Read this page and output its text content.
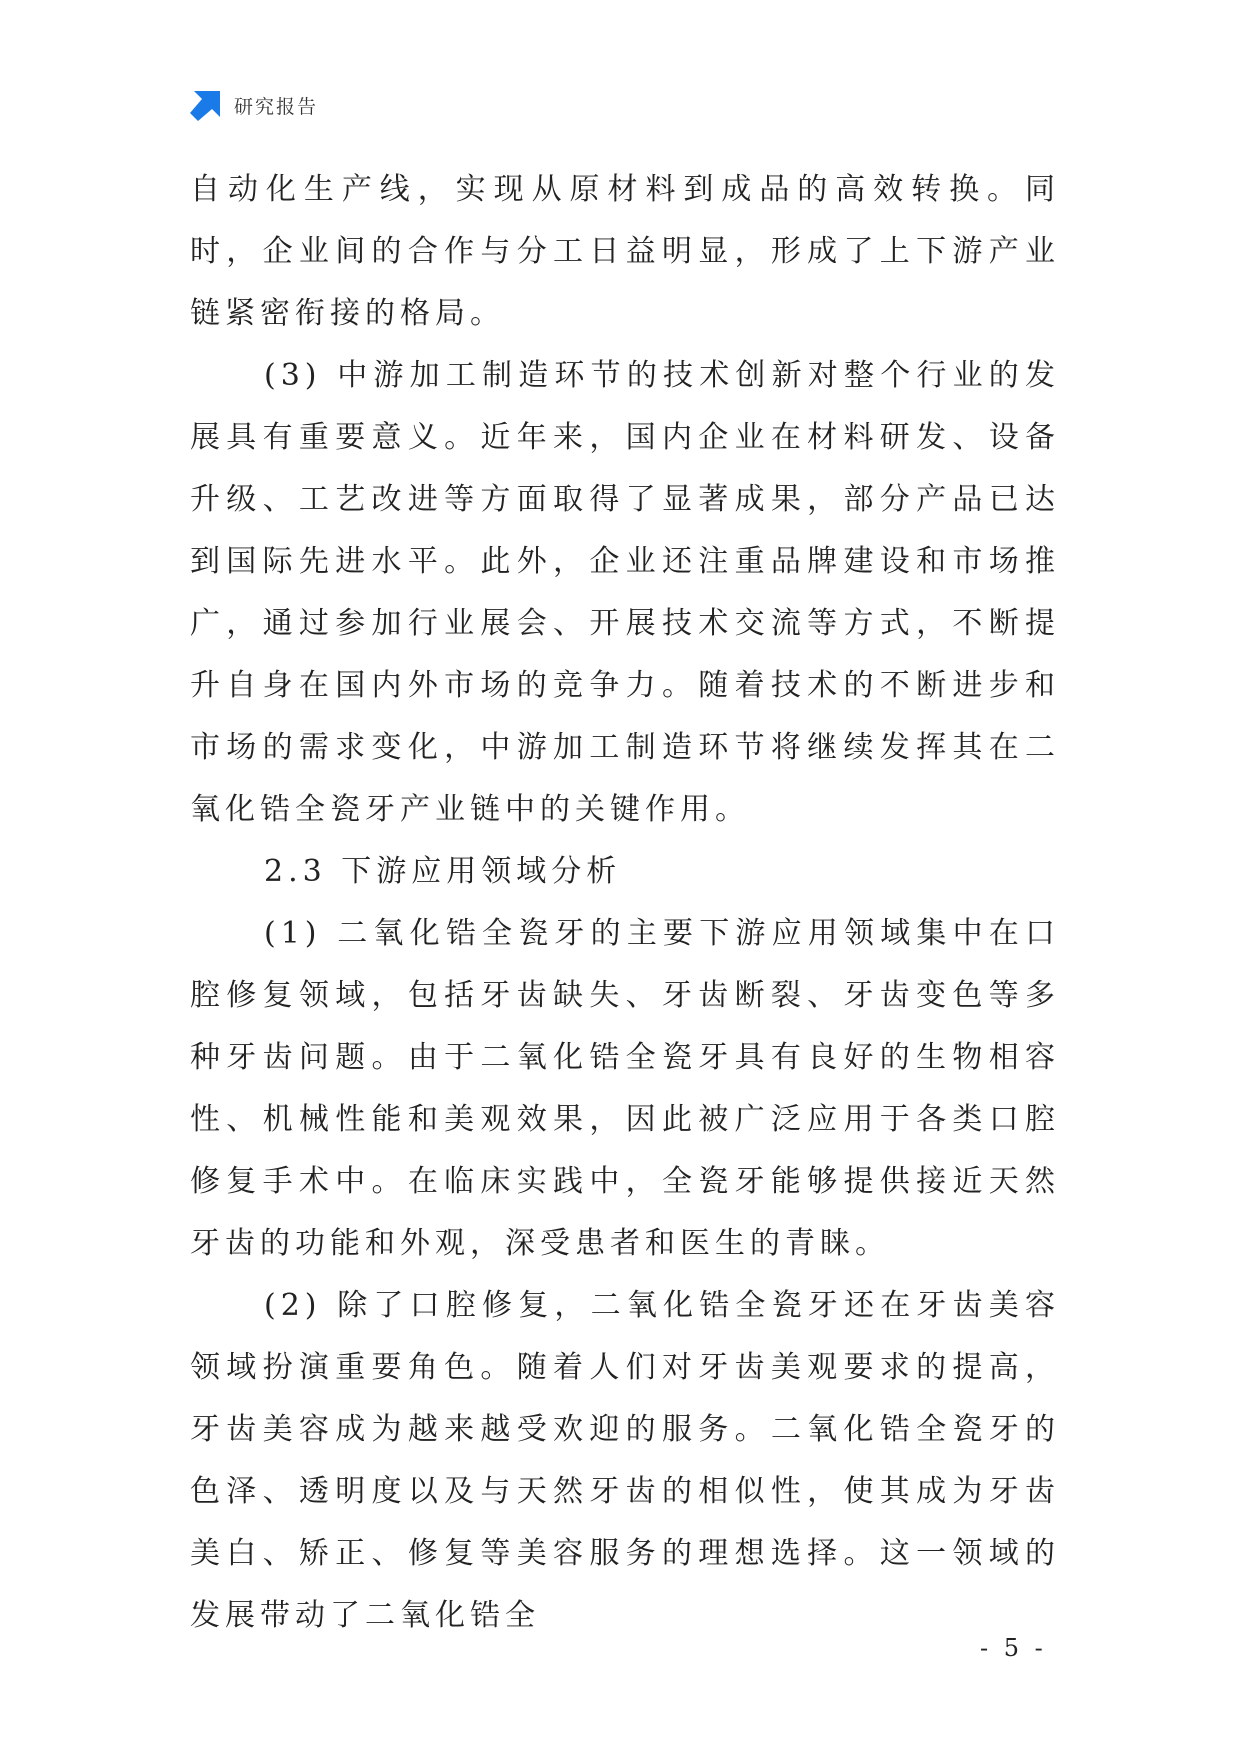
研究报告

自动化生产线，实现从原材料到成品的高效转换。同时，企业间的合作与分工日益明显，形成了上下游产业链紧密衔接的格局。

(3) 中游加工制造环节的技术创新对整个行业的发展具有重要意义。近年来，国内企业在材料研发、设备升级、工艺改进等方面取得了显著成果，部分产品已达到国际先进水平。此外，企业还注重品牌建设和市场推广，通过参加行业展会、开展技术交流等方式，不断提升自身在国内外市场的竞争力。随着技术的不断进步和市场的需求变化，中游加工制造环节将继续发挥其在二氧化锆全瓷牙产业链中的关键作用。

2.3 下游应用领域分析

(1) 二氧化锆全瓷牙的主要下游应用领域集中在口腔修复领域，包括牙齿缺失、牙齿断裂、牙齿变色等多种牙齿问题。由于二氧化锆全瓷牙具有良好的生物相容性、机械性能和美观效果，因此被广泛应用于各类口腔修复手术中。在临床实践中，全瓷牙能够提供接近天然牙齿的功能和外观，深受患者和医生的青睐。

(2) 除了口腔修复，二氧化锆全瓷牙还在牙齿美容领域扮演重要角色。随着人们对牙齿美观要求的提高，牙齿美容成为越来越受欢迎的服务。二氧化锆全瓷牙的色泽、透明度以及与天然牙齿的相似性，使其成为牙齿美白、矫正、修复等美容服务的理想选择。这一领域的发展带动了二氧化锆全

- 5 -
